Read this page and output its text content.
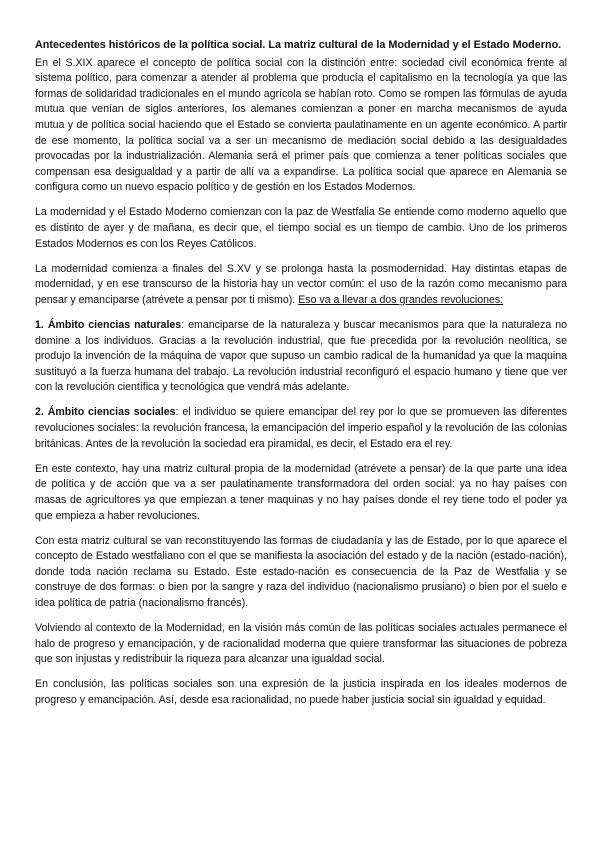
Antecedentes históricos de la política social. La matriz cultural de la Modernidad y el Estado Moderno.

En el S.XIX aparece el concepto de política social con la distinción entre: sociedad civil económica frente al sistema político, para comenzar a atender al problema que producía el capitalismo en la tecnología ya que las formas de solidaridad tradicionales en el mundo agrícola se habían roto. Como se rompen las fórmulas de ayuda mutua que venían de siglos anteriores, los alemanes comienzan a poner en marcha mecanismos de ayuda mutua y de política social haciendo que el Estado se convierta paulatinamente en un agente económico. A partir de ese momento, la política social va a ser un mecanismo de mediación social debido a las desigualdades provocadas por la industrialización. Alemania será el primer país que comienza a tener políticas sociales que compensan esa desigualdad y a partir de allí va a expandirse. La política social que aparece en Alemania se configura como un nuevo espacio político y de gestión en los Estados Modernos.

La modernidad y el Estado Moderno comienzan con la paz de Westfalia Se entiende como moderno aquello que es distinto de ayer y de mañana, es decir que, el tiempo social es un tiempo de cambio. Uno de los primeros Estados Modernos es con los Reyes Católicos.

La modernidad comienza a finales del S.XV y se prolonga hasta la posmodernidad. Hay distintas etapas de modernidad, y en ese transcurso de la historia hay un vector común: el uso de la razón como mecanismo para pensar y emanciparse (atrévete a pensar por ti mismo). Eso va a llevar a dos grandes revoluciones:

1. Ámbito ciencias naturales: emanciparse de la naturaleza y buscar mecanismos para que la naturaleza no domine a los individuos. Gracias a la revolución industrial, que fue precedida por la revolución neolítica, se produjo la invención de la máquina de vapor que supuso un cambio radical de la humanidad ya que la maquina sustituyó a la fuerza humana del trabajo. La revolución industrial reconfiguró el espacio humano y tiene que ver con la revolución científica y tecnológica que vendrá más adelante.

2. Ámbito ciencias sociales: el individuo se quiere emancipar del rey por lo que se promueven las diferentes revoluciones sociales: la revolución francesa, la emancipación del imperio español y la revolución de las colonias británicas. Antes de la revolución la sociedad era piramidal, es decir, el Estado era el rey.

En este contexto, hay una matriz cultural propia de la modernidad (atrévete a pensar) de la que parte una idea de política y de acción que va a ser paulatinamente transformadora del orden social: ya no hay países con masas de agricultores ya que empiezan a tener maquinas y no hay países donde el rey tiene todo el poder ya que empieza a haber revoluciones.

Con esta matriz cultural se van reconstituyendo las formas de ciudadanía y las de Estado, por lo que aparece el concepto de Estado westfaliano con el que se manifiesta la asociación del estado y de la nación (estado-nación), donde toda nación reclama su Estado. Este estado-nación es consecuencia de la Paz de Westfalia y se construye de dos formas: o bien por la sangre y raza del individuo (nacionalismo prusiano) o bien por el suelo e idea política de patria (nacionalismo francés).

Volviendo al contexto de la Modernidad, en la visión más común de las políticas sociales actuales permanece el halo de progreso y emancipación, y de racionalidad moderna que quiere transformar las situaciones de pobreza que son injustas y redistribuir la riqueza para alcanzar una igualdad social.

En conclusión, las políticas sociales son una expresión de la justicia inspirada en los ideales modernos de progreso y emancipación. Así, desde esa racionalidad, no puede haber justicia social sin igualdad y equidad.
